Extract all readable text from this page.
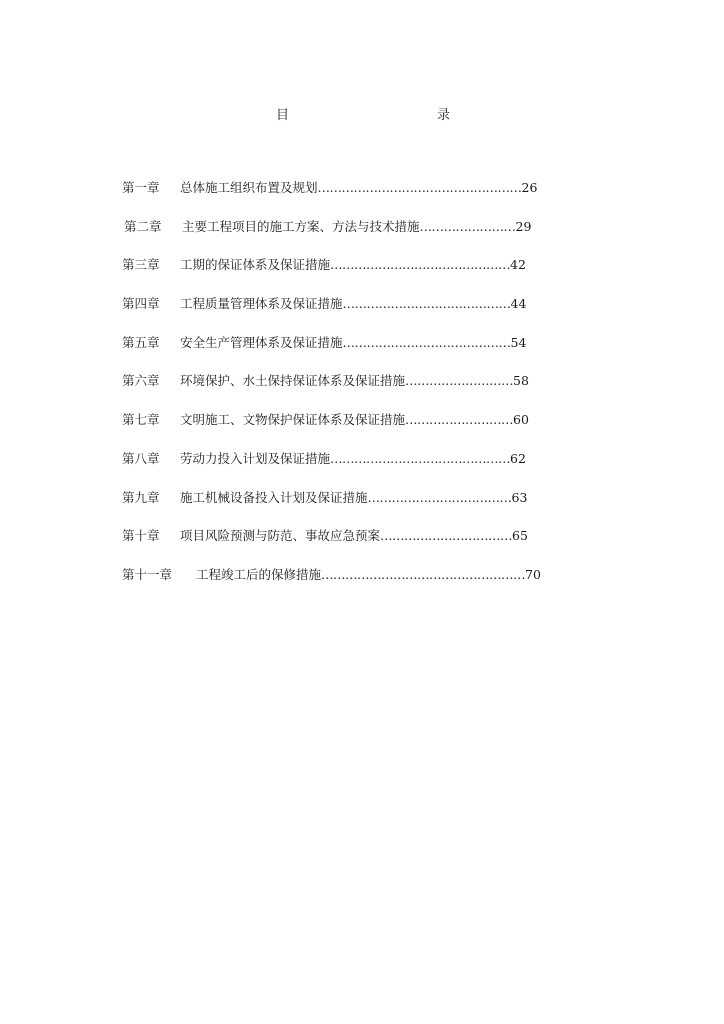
目	录
第一章 总体施工组织布置及规划……………………………………………26
第二章 主要工程项目的施工方案、方法与技术措施……………………29
第三章 工期的保证体系及保证措施………………………………………42
第四章 工程质量管理体系及保证措施……………………………………44
第五章 安全生产管理体系及保证措施……………………………………54
第六章 环境保护、水土保持保证体系及保证措施………………………58
第七章 文明施工、文物保护保证体系及保证措施………………………60
第八章 劳动力投入计划及保证措施………………………………………62
第九章 施工机械设备投入计划及保证措施………………………………63
第十章 项目风险预测与防范、事故应急预案……………………………65
第十一章 工程竣工后的保修措施……………………………………………70
